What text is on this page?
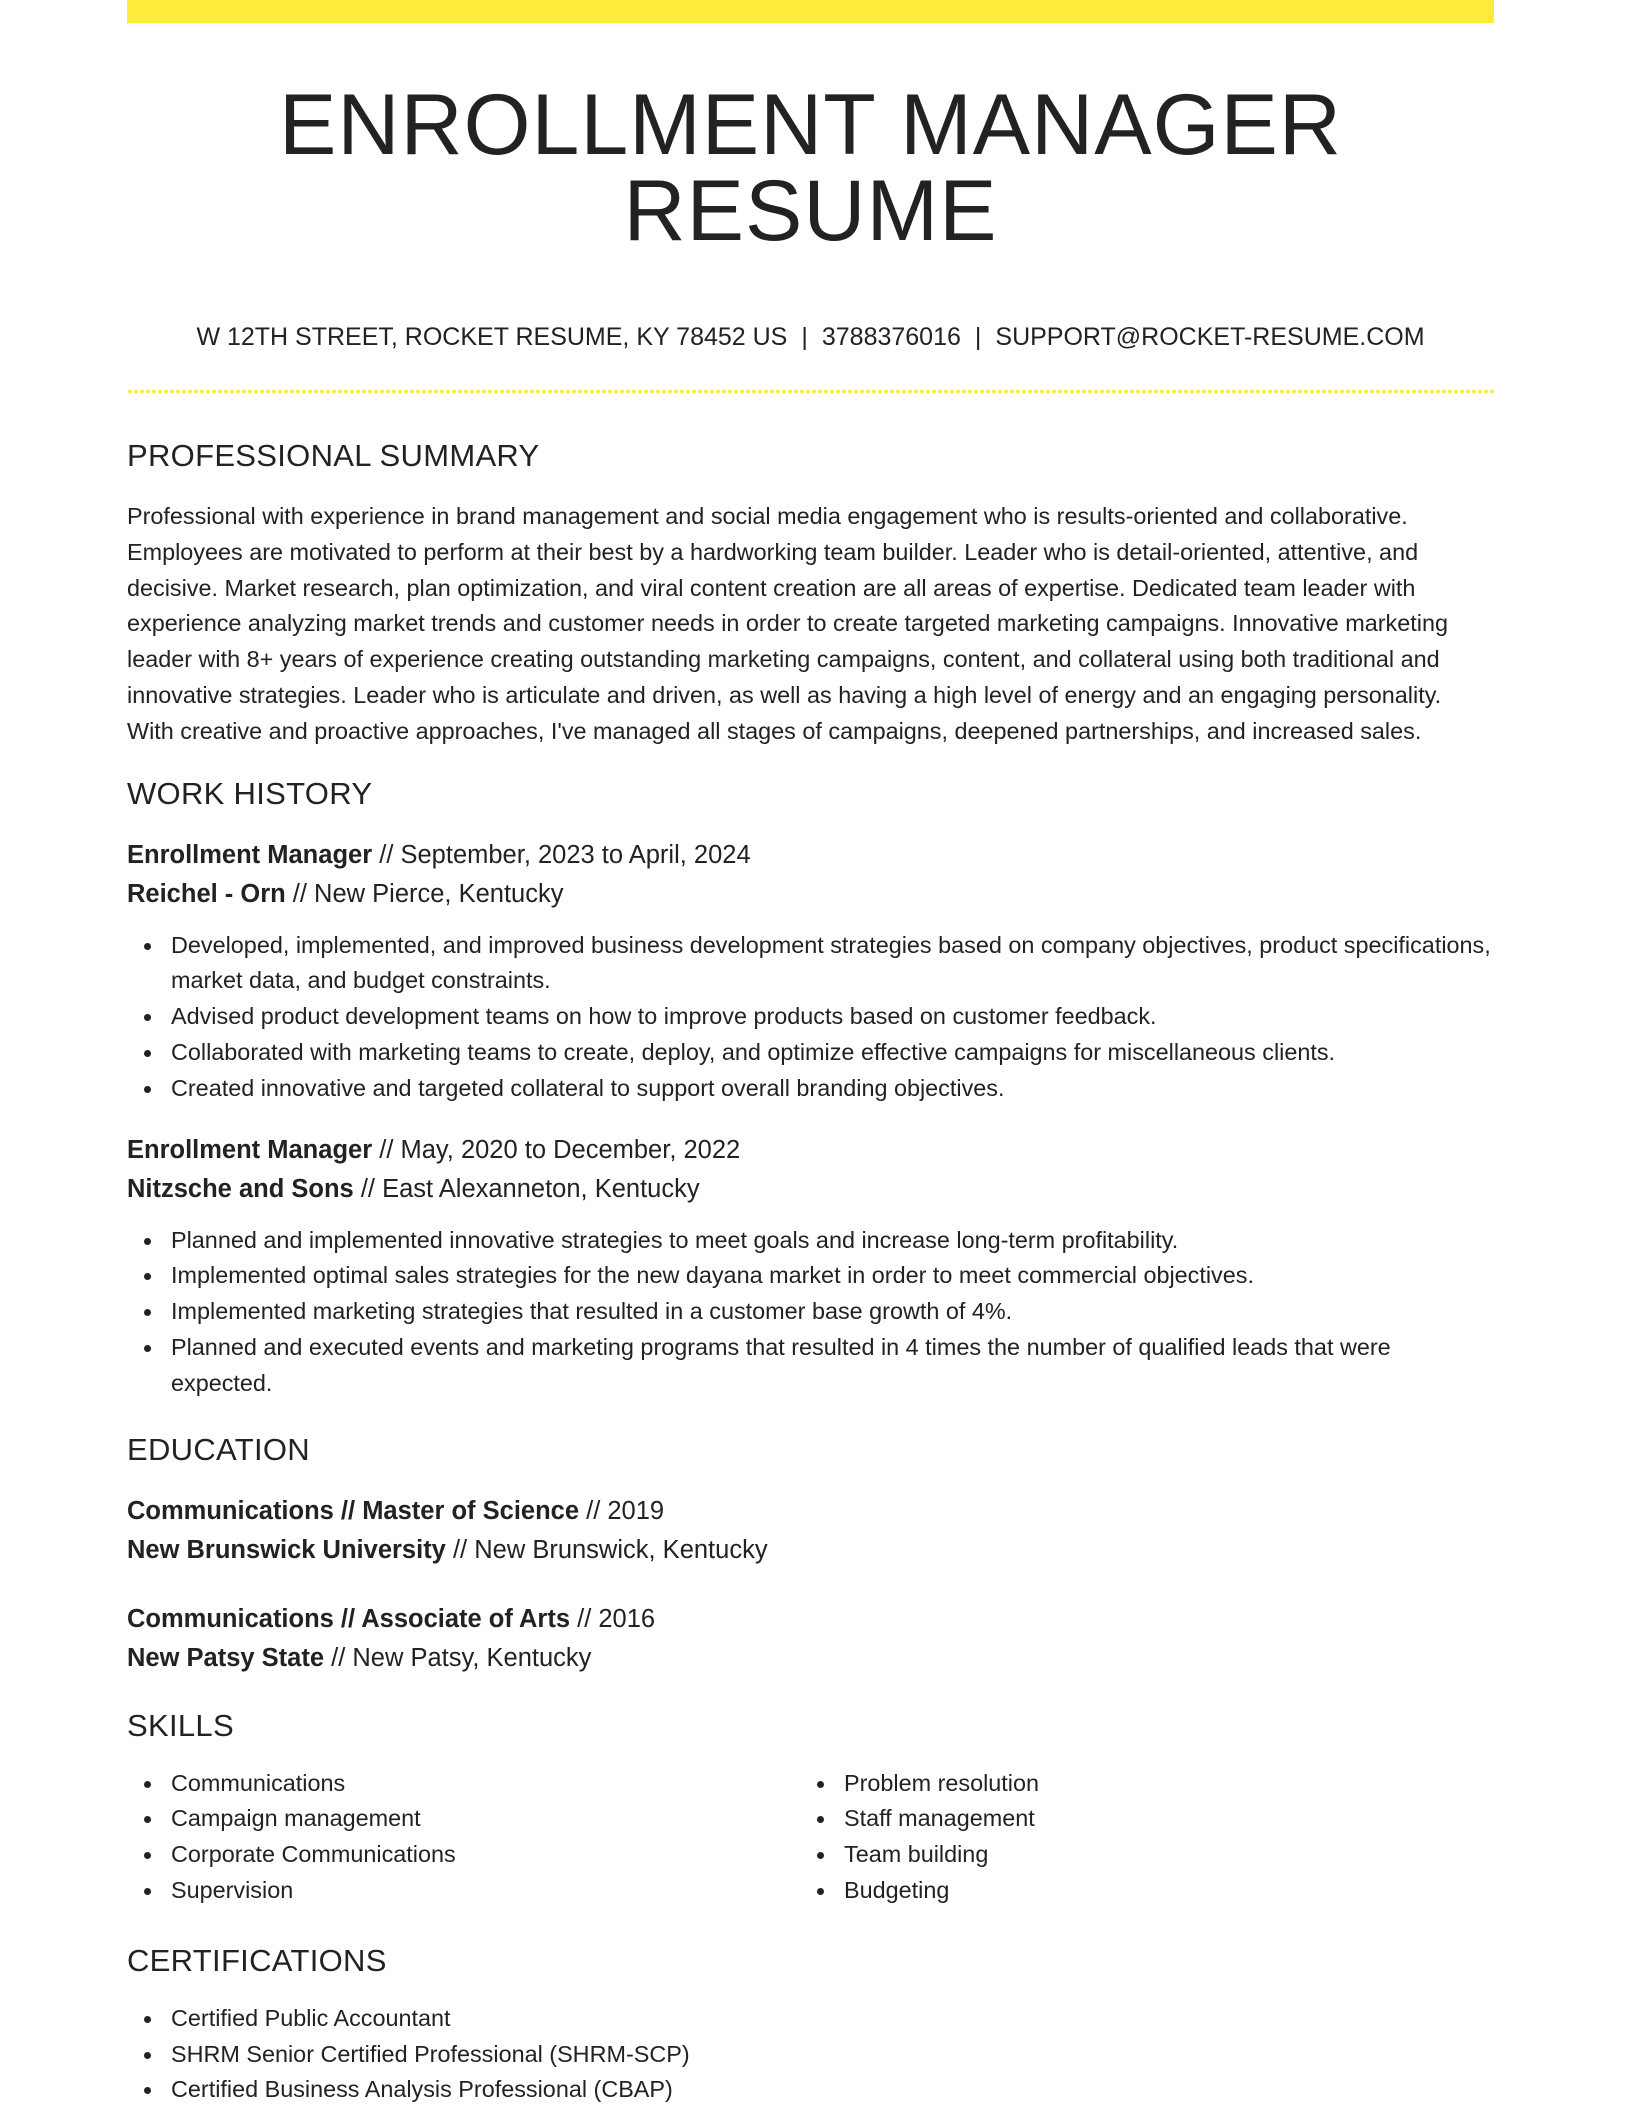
ENROLLMENT MANAGER RESUME
W 12TH STREET, ROCKET RESUME, KY 78452 US | 3788376016 | SUPPORT@ROCKET-RESUME.COM
PROFESSIONAL SUMMARY

Professional with experience in brand management and social media engagement who is results-oriented and collaborative. Employees are motivated to perform at their best by a hardworking team builder. Leader who is detail-oriented, attentive, and decisive. Market research, plan optimization, and viral content creation are all areas of expertise. Dedicated team leader with experience analyzing market trends and customer needs in order to create targeted marketing campaigns. Innovative marketing leader with 8+ years of experience creating outstanding marketing campaigns, content, and collateral using both traditional and innovative strategies. Leader who is articulate and driven, as well as having a high level of energy and an engaging personality. With creative and proactive approaches, I've managed all stages of campaigns, deepened partnerships, and increased sales.

WORK HISTORY
Enrollment Manager // September, 2023 to April, 2024
Reichel - Orn // New Pierce, Kentucky
Developed, implemented, and improved business development strategies based on company objectives, product specifications, market data, and budget constraints.
Advised product development teams on how to improve products based on customer feedback.
Collaborated with marketing teams to create, deploy, and optimize effective campaigns for miscellaneous clients.
Created innovative and targeted collateral to support overall branding objectives.
Enrollment Manager // May, 2020 to December, 2022
Nitzsche and Sons // East Alexanneton, Kentucky
Planned and implemented innovative strategies to meet goals and increase long-term profitability.
Implemented optimal sales strategies for the new dayana market in order to meet commercial objectives.
Implemented marketing strategies that resulted in a customer base growth of 4%.
Planned and executed events and marketing programs that resulted in 4 times the number of qualified leads that were expected.
EDUCATION
Communications // Master of Science // 2019
New Brunswick University // New Brunswick, Kentucky
Communications // Associate of Arts // 2016
New Patsy State // New Patsy, Kentucky
SKILLS
Communications
Campaign management
Corporate Communications
Supervision
Problem resolution
Staff management
Team building
Budgeting
CERTIFICATIONS
Certified Public Accountant
SHRM Senior Certified Professional (SHRM-SCP)
Certified Business Analysis Professional (CBAP)
